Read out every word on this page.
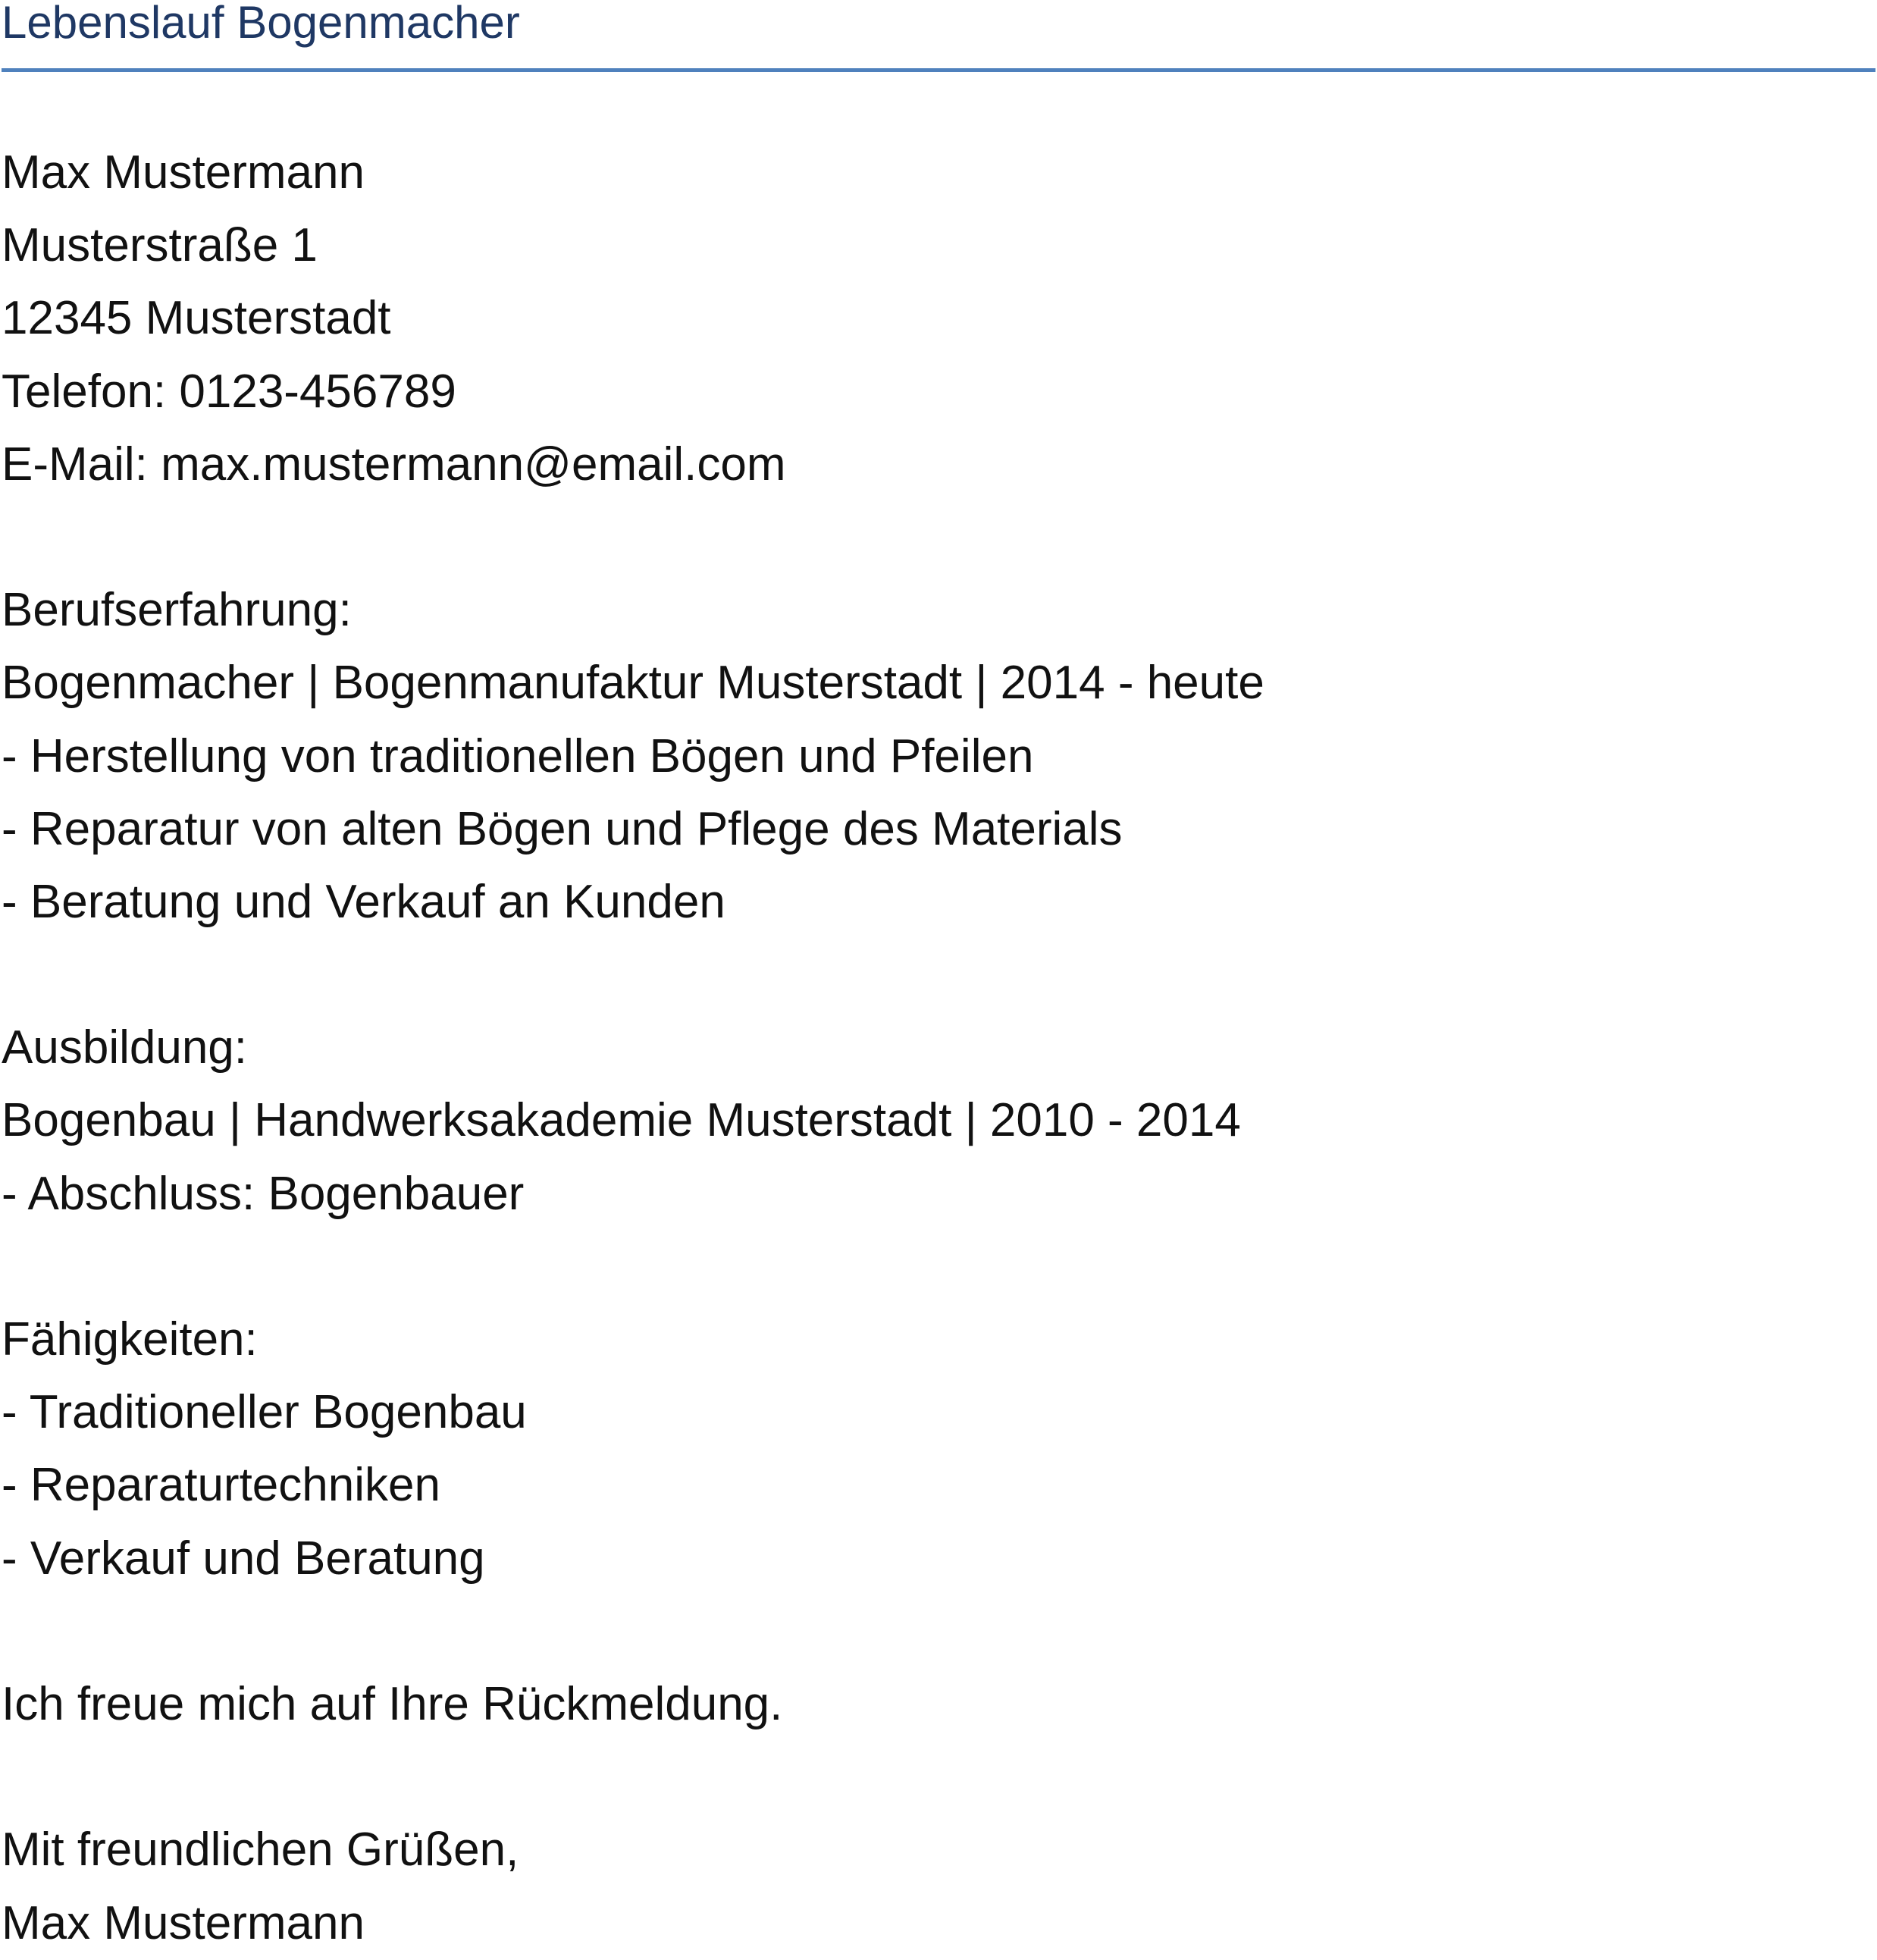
Lebenslauf Bogenmacher
Max Mustermann
Musterstraße 1
12345 Musterstadt
Telefon: 0123-456789
E-Mail: max.mustermann@email.com
Berufserfahrung:
Bogenmacher | Bogenmanufaktur Musterstadt | 2014 - heute
- Herstellung von traditionellen Bögen und Pfeilen
- Reparatur von alten Bögen und Pflege des Materials
- Beratung und Verkauf an Kunden
Ausbildung:
Bogenbau | Handwerksakademie Musterstadt | 2010 - 2014
- Abschluss: Bogenbauer
Fähigkeiten:
- Traditioneller Bogenbau
- Reparaturtechniken
- Verkauf und Beratung
Ich freue mich auf Ihre Rückmeldung.
Mit freundlichen Grüßen,
Max Mustermann
